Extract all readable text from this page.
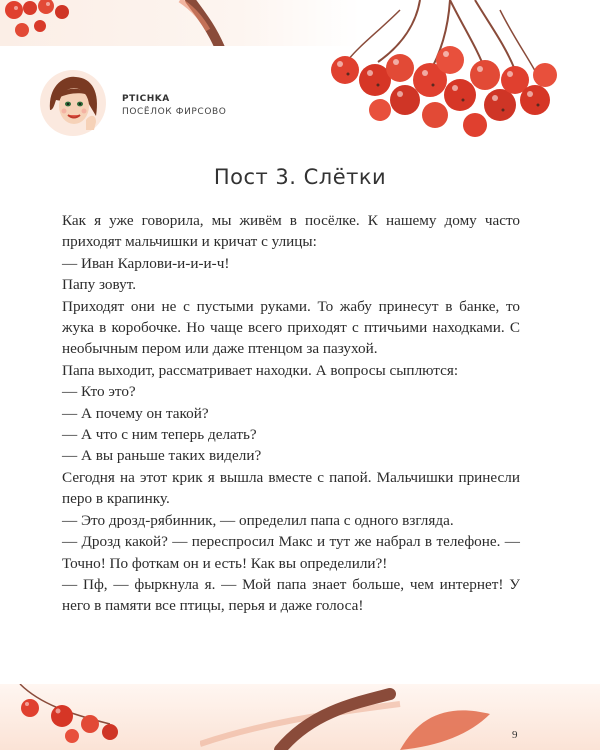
PTICHKA
ПОСЁЛОК ФИРСОВО
Пост 3. Слётки

Как я уже говорила, мы живём в посёлке. К нашему дому часто приходят мальчишки и кричат с улицы:

— Иван Карлови-и-и-и-ч!

Папу зовут.

Приходят они не с пустыми руками. То жабу принесут в банке, то жука в коробочке. Но чаще всего приходят с птичьими находками. С необычным пером или даже птенцом за пазухой.

Папа выходит, рассматривает находки. А вопросы сыплются:

— Кто это?

— А почему он такой?

— А что с ним теперь делать?

— А вы раньше таких видели?

Сегодня на этот крик я вышла вместе с папой. Мальчишки принесли перо в крапинку.

— Это дрозд-рябинник, — определил папа с одного взгляда.

— Дрозд какой? — переспросил Макс и тут же набрал в телефоне. — Точно! По фоткам он и есть! Как вы определили?!

— Пф, — фыркнула я. — Мой папа знает больше, чем интернет! У него в памяти все птицы, перья и даже голоса!

9
